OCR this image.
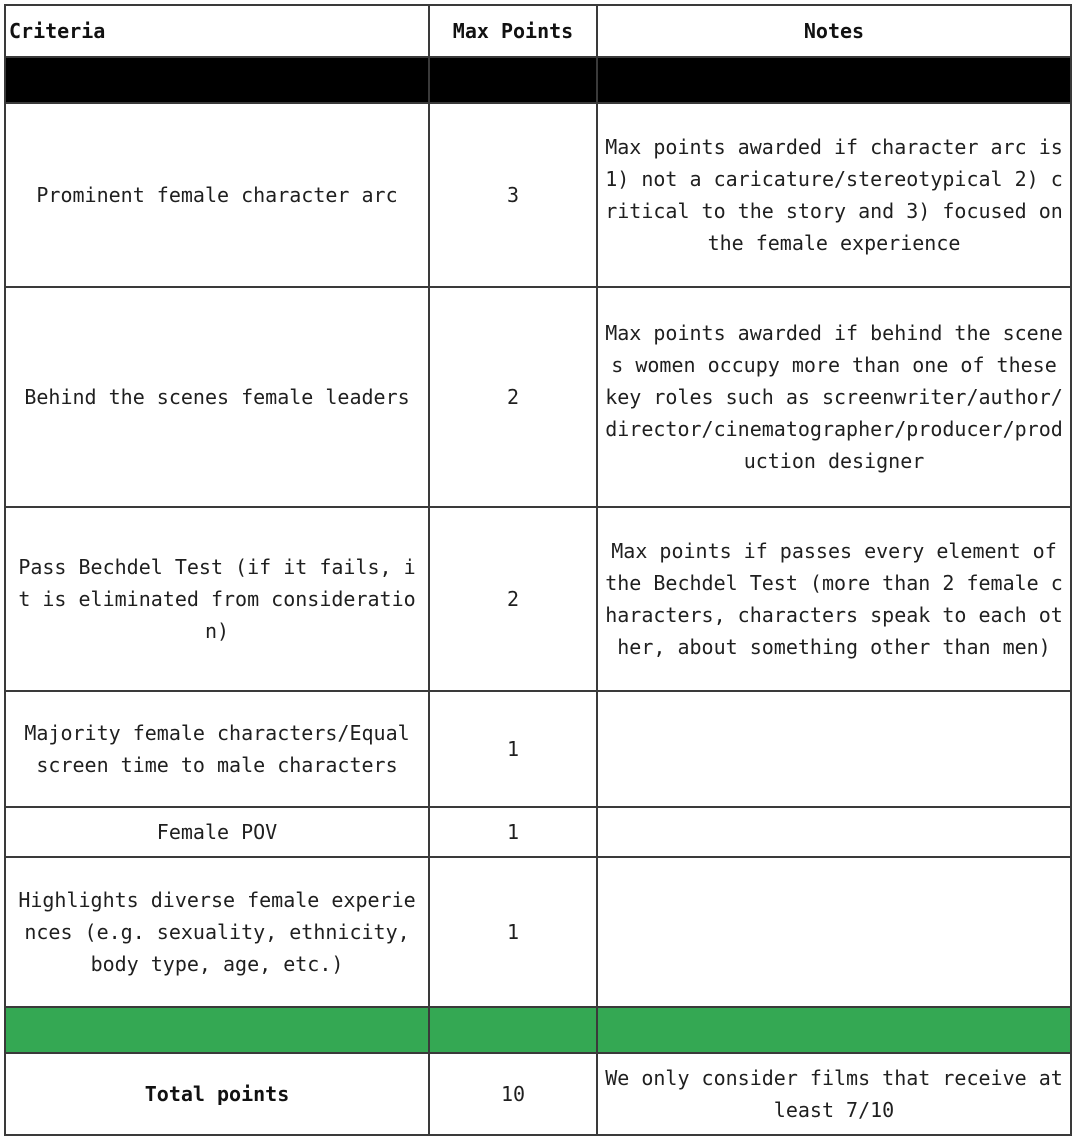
Criteria	Max Points	Notes

Prominent female character arc	3	Max points awarded if character arc is 1) not a caricature/stereotypical 2) critical to the story and 3) focused on the female experience
Behind the scenes female leaders	2	Max points awarded if behind the scenes women occupy more than one of these key roles such as screenwriter/author/director/cinematographer/producer/production designer
Pass Bechdel Test (if it fails, it is eliminated from consideration)	2	Max points if passes every element of the Bechdel Test (more than 2 female characters, characters speak to each other, about something other than men)
Majority female characters/Equal screen time to male characters	1	
Female POV	1	
Highlights diverse female experiences (e.g. sexuality, ethnicity, body type, age, etc.)	1	

Total points	10	We only consider films that receive at least 7/10
